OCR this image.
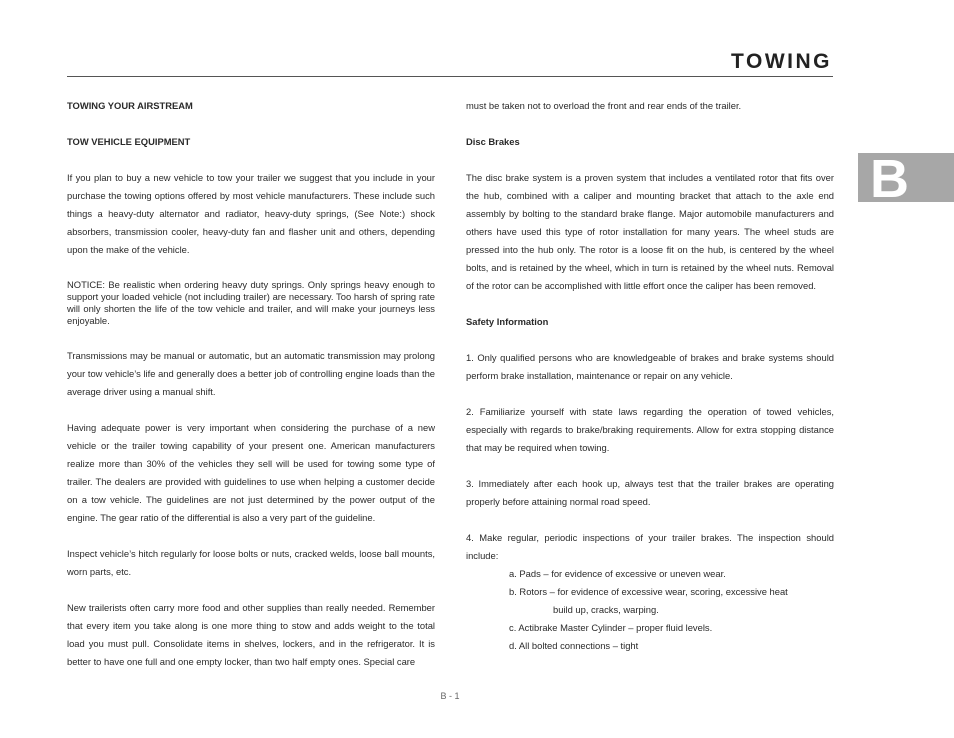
TOWING
B

TOWING YOUR AIRSTREAM

TOW VEHICLE EQUIPMENT

If you plan to buy a new vehicle to tow your trailer we suggest that you include in your purchase the towing options offered by most vehicle manufacturers. These include such things a heavy-duty alternator and radiator, heavy-duty springs, (See Note:) shock absorbers, transmission cooler, heavy-duty fan and flasher unit and others, depending upon the make of the vehicle.

NOTICE: Be realistic when ordering heavy duty springs. Only springs heavy enough to support your loaded vehicle (not including trailer) are necessary. Too harsh of spring rate will only shorten the life of the tow vehicle and trailer, and will make your journeys less enjoyable.

Transmissions may be manual or automatic, but an automatic transmission may prolong your tow vehicle’s life and generally does a better job of controlling engine loads than the average driver using a manual shift.

Having adequate power is very important when considering the purchase of a new vehicle or the trailer towing capability of your present one. American manufacturers realize more than 30% of the vehicles they sell will be used for towing some type of trailer. The dealers are provided with guidelines to use when helping a customer decide on a tow vehicle. The guidelines are not just determined by the power output of the engine. The gear ratio of the differential is also a very part of the guideline.

Inspect vehicle’s hitch regularly for loose bolts or nuts, cracked welds, loose ball mounts, worn parts, etc.

New trailerists often carry more food and other supplies than really needed. Remember that every item you take along is one more thing to stow and adds weight to the total load you must pull. Consolidate items in shelves, lockers, and in the refrigerator. It is better to have one full and one empty locker, than two half empty ones. Special care

must be taken not to overload the front and rear ends of the trailer.

Disc Brakes

The disc brake system is a proven system that includes a ventilated rotor that fits over the hub, combined with a caliper and mounting bracket that attach to the axle end assembly by bolting to the standard brake flange. Major automobile manufacturers and others have used this type of rotor installation for many years. The wheel studs are pressed into the hub only. The rotor is a loose fit on the hub, is centered by the wheel bolts, and is retained by the wheel, which in turn is retained by the wheel nuts. Removal of the rotor can be accomplished with little effort once the caliper has been removed.

Safety Information

1. Only qualified persons who are knowledgeable of brakes and brake systems should perform brake installation, maintenance or repair on any vehicle.

2. Familiarize yourself with state laws regarding the operation of towed vehicles, especially with regards to brake/braking requirements. Allow for extra stopping distance that may be required when towing.

3. Immediately after each hook up, always test that the trailer brakes are operating properly before attaining normal road speed.

4. Make regular, periodic inspections of your trailer brakes. The inspection should include:

a. Pads – for evidence of excessive or uneven wear.

b. Rotors – for evidence of excessive wear, scoring, excessive heat

build up, cracks, warping.

c. Actibrake Master Cylinder – proper fluid levels.

d. All bolted connections – tight

B - 1
